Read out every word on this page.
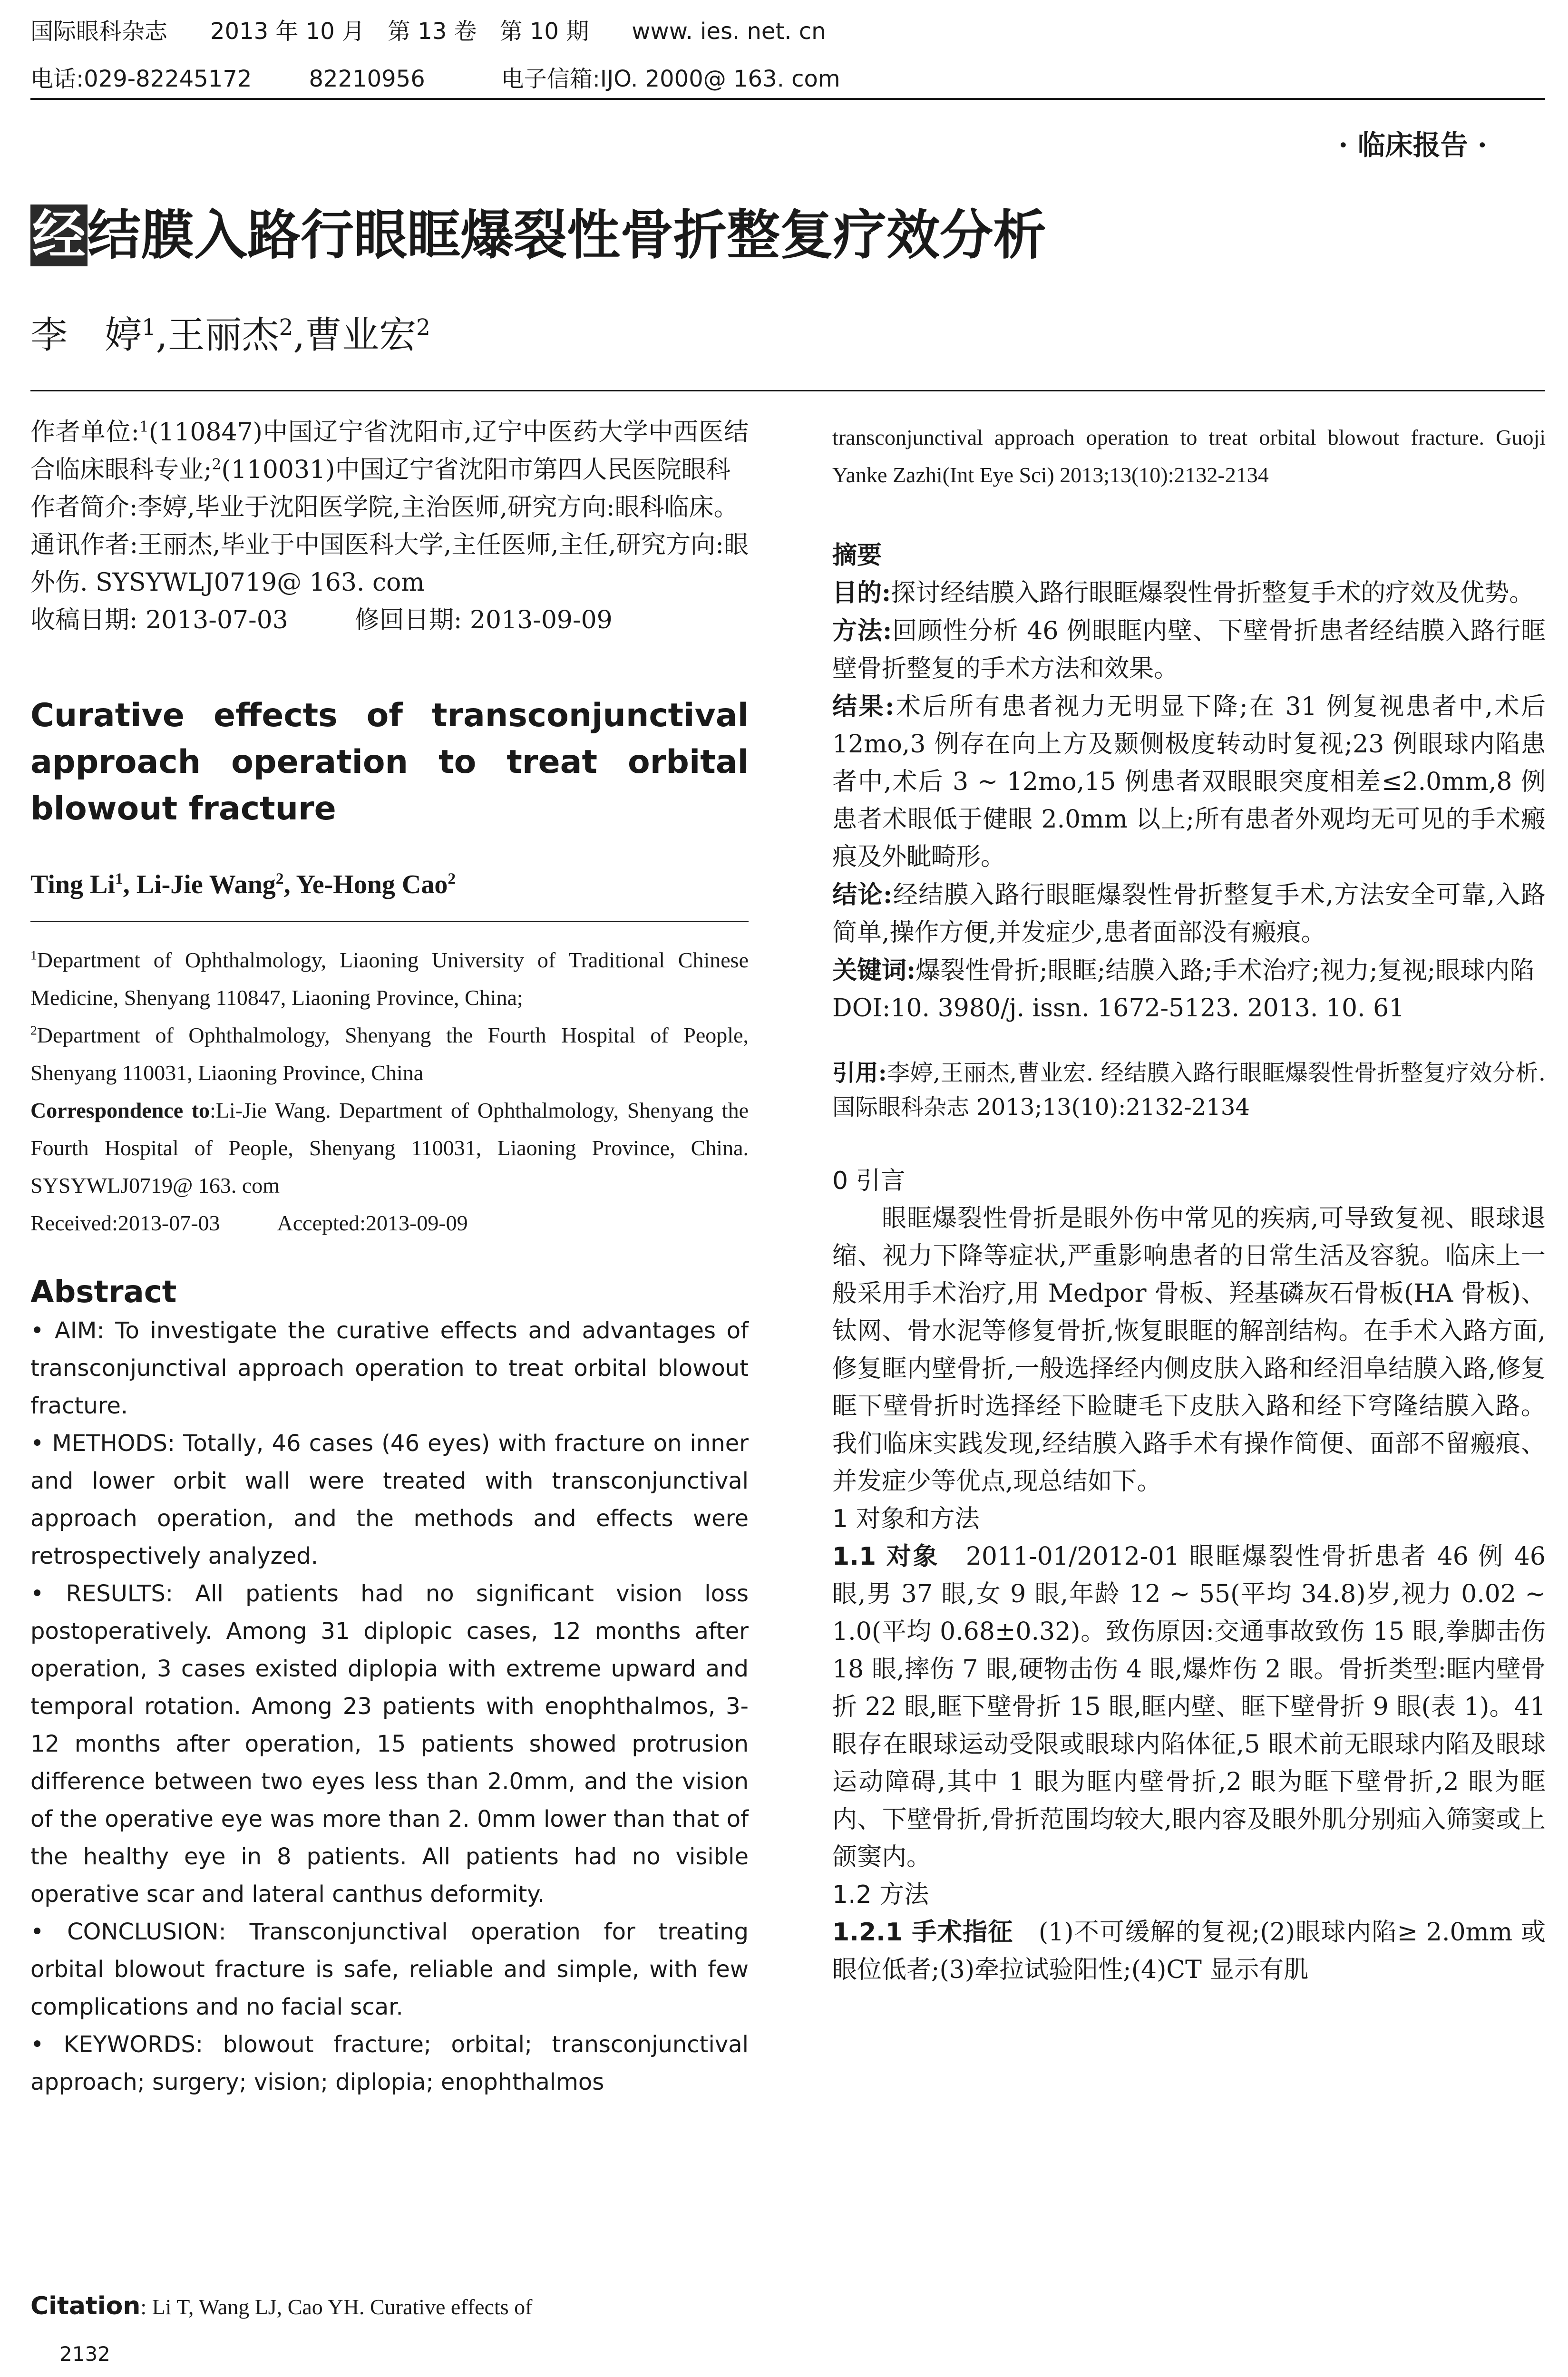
国际眼科杂志 2013 年 10 月　第 13 卷　第 10 期 www. ies. net. cn
电话:029-82245172	82210956	电子信箱:IJO. 2000@ 163. com
· 临床报告 ·
经结膜入路行眼眶爆裂性骨折整复疗效分析
李　婷$^1$,王丽杰$^2$,曹业宏$^2$

作者单位:$^1$(110847)中国辽宁省沈阳市,辽宁中医药大学中西医结合临床眼科专业;$^2$(110031)中国辽宁省沈阳市第四人民医院眼科

作者简介:李婷,毕业于沈阳医学院,主治医师,研究方向:眼科临床。

通讯作者:王丽杰,毕业于中国医科大学,主任医师,主任,研究方向:眼外伤. SYSYWLJ0719@ 163. com

收稿日期: 2013-07-03	修回日期: 2013-09-09

Curative effects of transconjunctival approach operation to treat orbital blowout fracture
Ting Li$^1$, Li-Jie Wang$^2$, Ye-Hong Cao$^2$

$^1$Department of Ophthalmology, Liaoning University of Traditional Chinese Medicine, Shenyang 110847, Liaoning Province, China;

$^2$Department of Ophthalmology, Shenyang the Fourth Hospital of People, Shenyang 110031, Liaoning Province, China

Correspondence to:Li-Jie Wang. Department of Ophthalmology, Shenyang the Fourth Hospital of People, Shenyang 110031, Liaoning Province, China. SYSYWLJ0719@ 163. com

Received:2013-07-03	Accepted:2013-09-09

Abstract

• AIM: To investigate the curative effects and advantages of transconjunctival approach operation to treat orbital blowout fracture.

• METHODS: Totally, 46 cases (46 eyes) with fracture on inner and lower orbit wall were treated with transconjunctival approach operation, and the methods and effects were retrospectively analyzed.

• RESULTS: All patients had no significant vision loss postoperatively. Among 31 diplopic cases, 12 months after operation, 3 cases existed diplopia with extreme upward and temporal rotation. Among 23 patients with enophthalmos, 3-12 months after operation, 15 patients showed protrusion difference between two eyes less than 2.0mm, and the vision of the operative eye was more than 2. 0mm lower than that of the healthy eye in 8 patients. All patients had no visible operative scar and lateral canthus deformity.

• CONCLUSION: Transconjunctival operation for treating orbital blowout fracture is safe, reliable and simple, with few complications and no facial scar.

• KEYWORDS: blowout fracture; orbital; transconjunctival approach; surgery; vision; diplopia; enophthalmos

Citation: Li T, Wang LJ, Cao YH. Curative effects of
2132
transconjunctival approach operation to treat orbital blowout fracture. Guoji Yanke Zazhi(Int Eye Sci) 2013;13(10):2132-2134
摘要

目的:探讨经结膜入路行眼眶爆裂性骨折整复手术的疗效及优势。

方法:回顾性分析 46 例眼眶内壁、下壁骨折患者经结膜入路行眶壁骨折整复的手术方法和效果。

结果:术后所有患者视力无明显下降;在 31 例复视患者中,术后 12mo,3 例存在向上方及颞侧极度转动时复视;23 例眼球内陷患者中,术后 3 ~ 12mo,15 例患者双眼眼突度相差≤2.0mm,8 例患者术眼低于健眼 2.0mm 以上;所有患者外观均无可见的手术瘢痕及外眦畸形。

结论:经结膜入路行眼眶爆裂性骨折整复手术,方法安全可靠,入路简单,操作方便,并发症少,患者面部没有瘢痕。

关键词:爆裂性骨折;眼眶;结膜入路;手术治疗;视力;复视;眼球内陷

DOI:10. 3980/j. issn. 1672-5123. 2013. 10. 61

引用:李婷,王丽杰,曹业宏. 经结膜入路行眼眶爆裂性骨折整复疗效分析. 国际眼科杂志 2013;13(10):2132-2134
0 引言
眼眶爆裂性骨折是眼外伤中常见的疾病,可导致复视、眼球退缩、视力下降等症状,严重影响患者的日常生活及容貌。临床上一般采用手术治疗,用 Medpor 骨板、羟基磷灰石骨板(HA 骨板)、钛网、骨水泥等修复骨折,恢复眼眶的解剖结构。在手术入路方面,修复眶内壁骨折,一般选择经内侧皮肤入路和经泪阜结膜入路,修复眶下壁骨折时选择经下睑睫毛下皮肤入路和经下穹隆结膜入路。我们临床实践发现,经结膜入路手术有操作简便、面部不留瘢痕、并发症少等优点,现总结如下。
1 对象和方法
1.1 对象　2011-01/2012-01 眼眶爆裂性骨折患者 46 例 46 眼,男 37 眼,女 9 眼,年龄 12 ~ 55(平均 34.8)岁,视力 0.02 ~ 1.0(平均 0.68±0.32)。致伤原因:交通事故致伤 15 眼,拳脚击伤 18 眼,摔伤 7 眼,硬物击伤 4 眼,爆炸伤 2 眼。骨折类型:眶内壁骨折 22 眼,眶下壁骨折 15 眼,眶内壁、眶下壁骨折 9 眼(表 1)。41 眼存在眼球运动受限或眼球内陷体征,5 眼术前无眼球内陷及眼球运动障碍,其中 1 眼为眶内壁骨折,2 眼为眶下壁骨折,2 眼为眶内、下壁骨折,骨折范围均较大,眼内容及眼外肌分别疝入筛窦或上颌窦内。
1.2 方法
1.2.1 手术指征　(1)不可缓解的复视;(2)眼球内陷≥ 2.0mm 或眼位低者;(3)牵拉试验阳性;(4)CT 显示有肌
